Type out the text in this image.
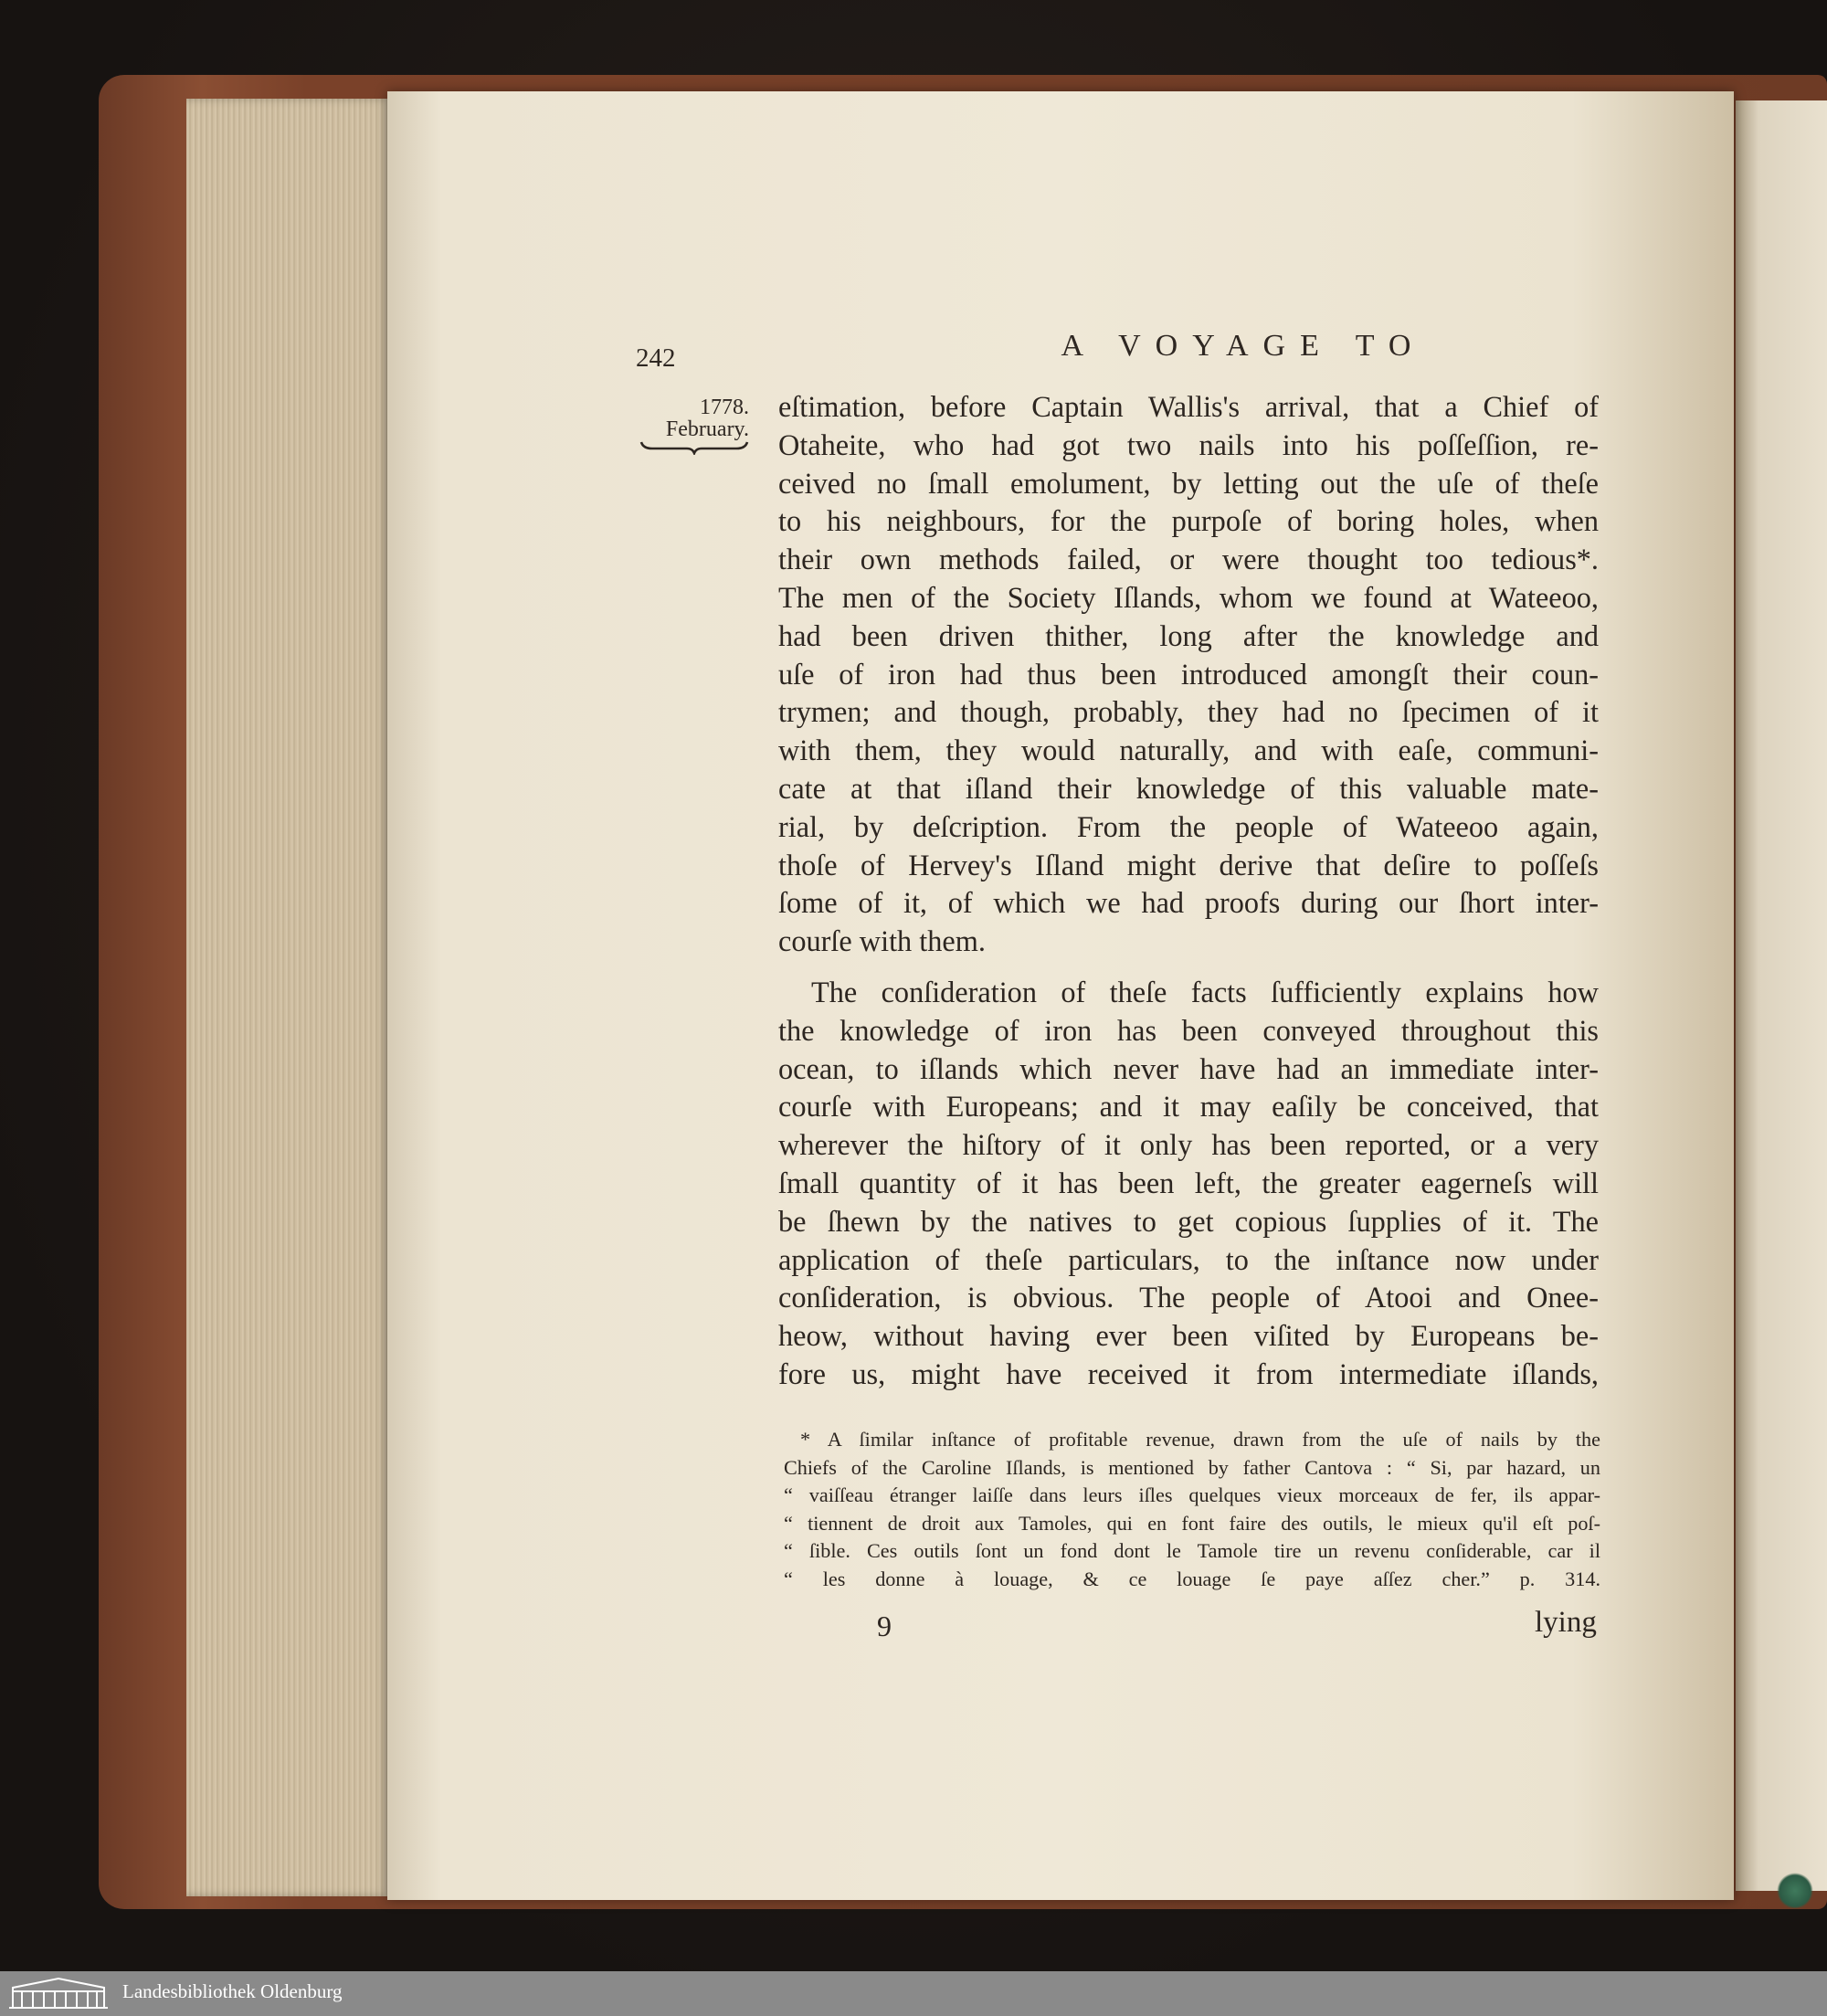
242	A VOYAGE TO
1778.
February.
eſtimation, before Captain Wallis's arrival, that a Chief of
Otaheite, who had got two nails into his poſſeſſion, re-
ceived no ſmall emolument, by letting out the uſe of theſe
to his neighbours, for the purpoſe of boring holes, when
their own methods failed, or were thought too tedious*.
The men of the Society Iſlands, whom we found at Wateeoo,
had been driven thither, long after the knowledge and
uſe of iron had thus been introduced amongſt their coun-
trymen; and though, probably, they had no ſpecimen of it
with them, they would naturally, and with eaſe, communi-
cate at that iſland their knowledge of this valuable mate-
rial, by deſcription. From the people of Wateeoo again,
thoſe of Hervey's Iſland might derive that deſire to poſſeſs
ſome of it, of which we had proofs during our ſhort inter-
courſe with them.
The conſideration of theſe facts ſufficiently explains how
the knowledge of iron has been conveyed throughout this
ocean, to iſlands which never have had an immediate inter-
courſe with Europeans; and it may eaſily be conceived, that
wherever the hiſtory of it only has been reported, or a very
ſmall quantity of it has been left, the greater eagerneſs will
be ſhewn by the natives to get copious ſupplies of it. The
application of theſe particulars, to the inſtance now under
conſideration, is obvious. The people of Atooi and Onee-
heow, without having ever been viſited by Europeans be-
fore us, might have received it from intermediate iſlands,
* A ſimilar inſtance of profitable revenue, drawn from the uſe of nails by the
Chiefs of the Caroline Iſlands, is mentioned by father Cantova : “ Si, par hazard, un
“ vaiſſeau étranger laiſſe dans leurs iſles quelques vieux morceaux de fer, ils appar-
“ tiennent de droit aux Tamoles, qui en font faire des outils, le mieux qu'il eſt poſ-
“ ſible. Ces outils ſont un fond dont le Tamole tire un revenu conſiderable, car il
“ les donne à louage, & ce louage ſe paye aſſez cher.” p. 314.
9	lying
Landesbibliothek Oldenburg
